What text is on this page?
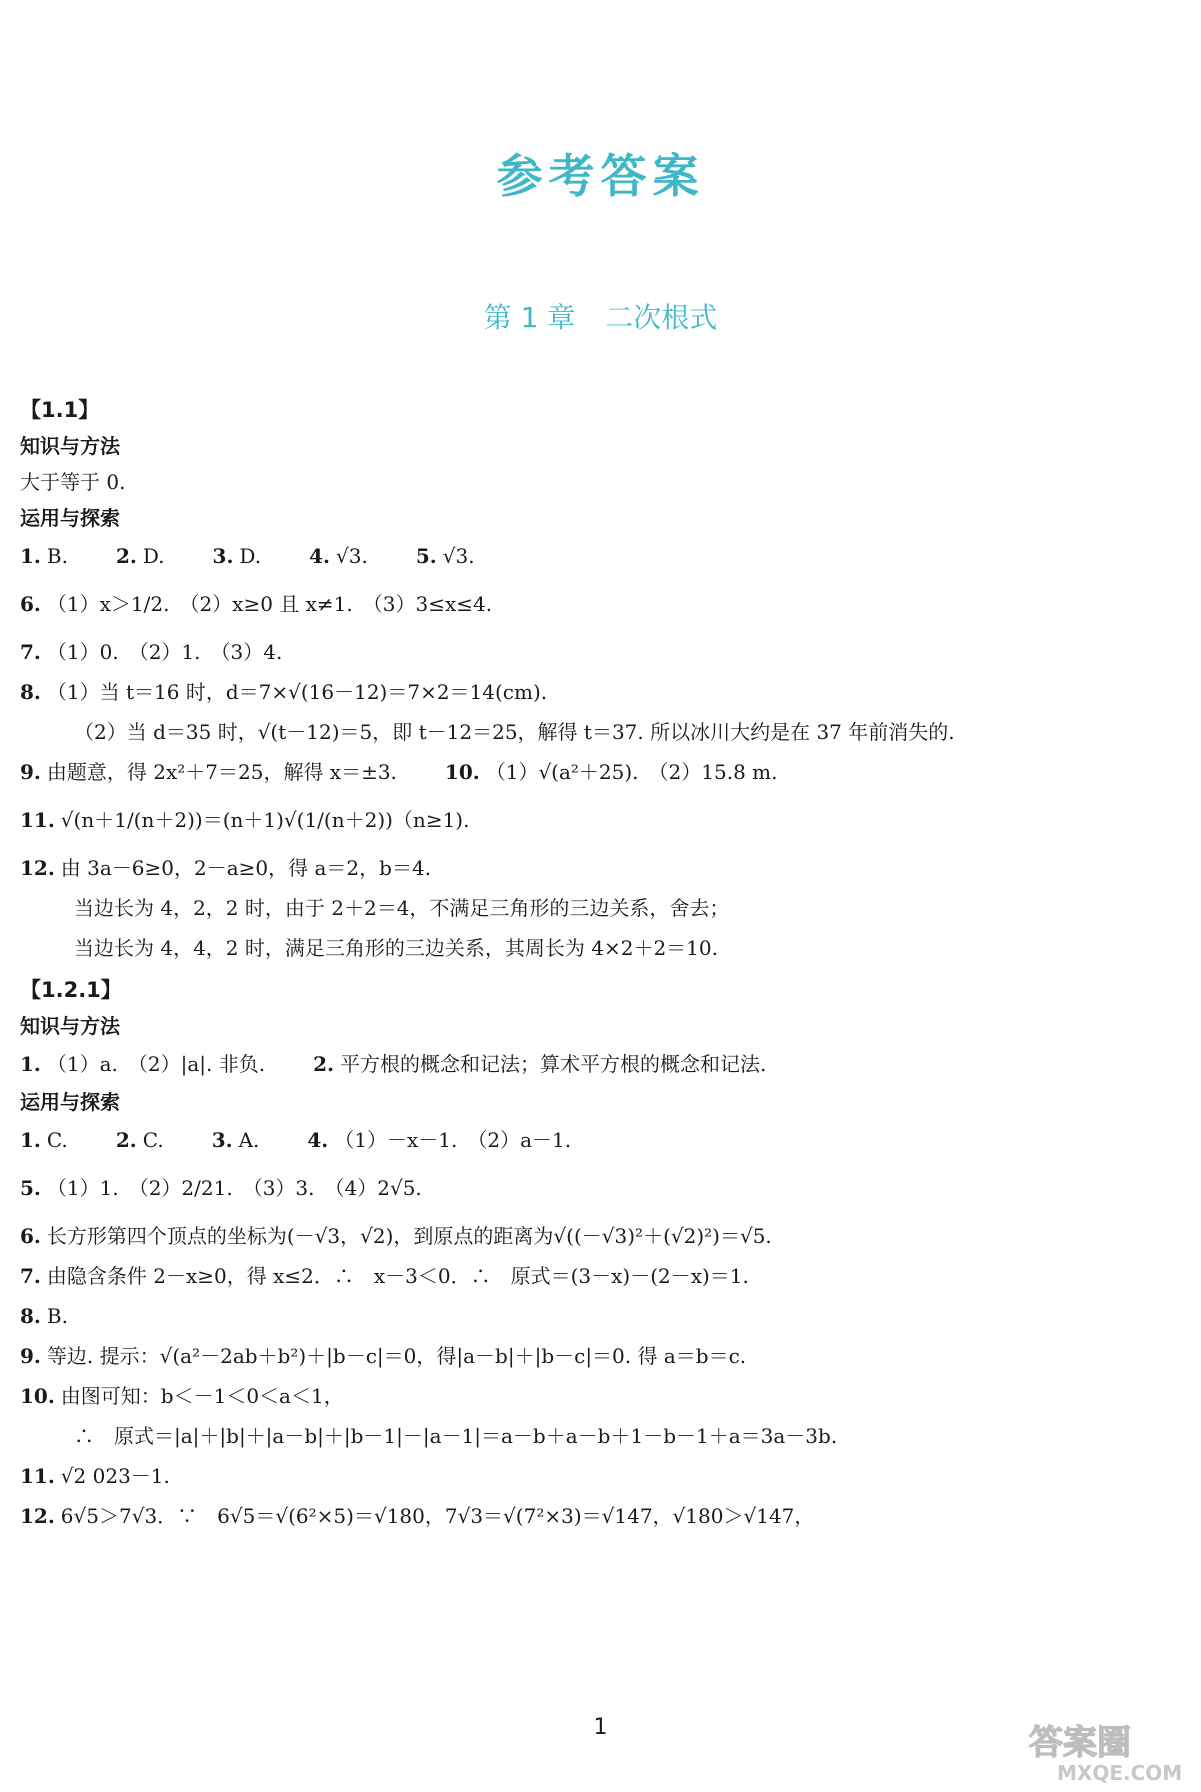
参考答案
第 1 章 二次根式
【1.1】
知识与方法
大于等于 0.
运用与探索
1. B. 2. D. 3. D. 4. √3. 5. √3.
6. （1）x＞1/2.　（2）x≥0 且 x≠1.　（3）3≤x≤4.
7. （1）0.　（2）1.　（3）4.
8. （1）当 t＝16 时，d＝7×√(16－12)＝7×2＝14(cm).
（2）当 d＝35 时，√(t－12)＝5，即 t－12＝25，解得 t＝37. 所以冰川大约是在 37 年前消失的.
9. 由题意，得 2x²＋7＝25，解得 x＝±3. 10. （1）√(a²＋25).　（2）15.8 m.
11. √(n＋1/(n＋2))＝(n＋1)√(1/(n＋2))（n≥1).
12. 由 3a－6≥0，2－a≥0，得 a＝2，b＝4.
当边长为 4，2，2 时，由于 2＋2＝4，不满足三角形的三边关系，舍去；
当边长为 4，4，2 时，满足三角形的三边关系，其周长为 4×2＋2＝10.
【1.2.1】
知识与方法
1. （1）a.　（2）|a|. 非负. 2. 平方根的概念和记法；算术平方根的概念和记法.
运用与探索
1. C. 2. C. 3. A. 4. （1）－x－1.　（2）a－1.
5. （1）1.　（2）2/21.　（3）3.　（4）2√5.
6. 长方形第四个顶点的坐标为(－√3，√2)，到原点的距离为√((－√3)²＋(√2)²)＝√5.
7. 由隐含条件 2－x≥0，得 x≤2．∴　x－3＜0．∴　原式＝(3－x)－(2－x)＝1.
8. B.
9. 等边. 提示：√(a²－2ab＋b²)＋|b－c|＝0，得|a－b|＋|b－c|＝0. 得 a＝b＝c.
10. 由图可知：b＜－1＜0＜a＜1，
∴　原式＝|a|＋|b|＋|a－b|＋|b－1|－|a－1|＝a－b＋a－b＋1－b－1＋a＝3a－3b.
11. √2 023－1.
12. 6√5＞7√3．∵　6√5＝√(6²×5)＝√180，7√3＝√(7²×3)＝√147，√180＞√147，
1	答案圈
MXQE.COM
